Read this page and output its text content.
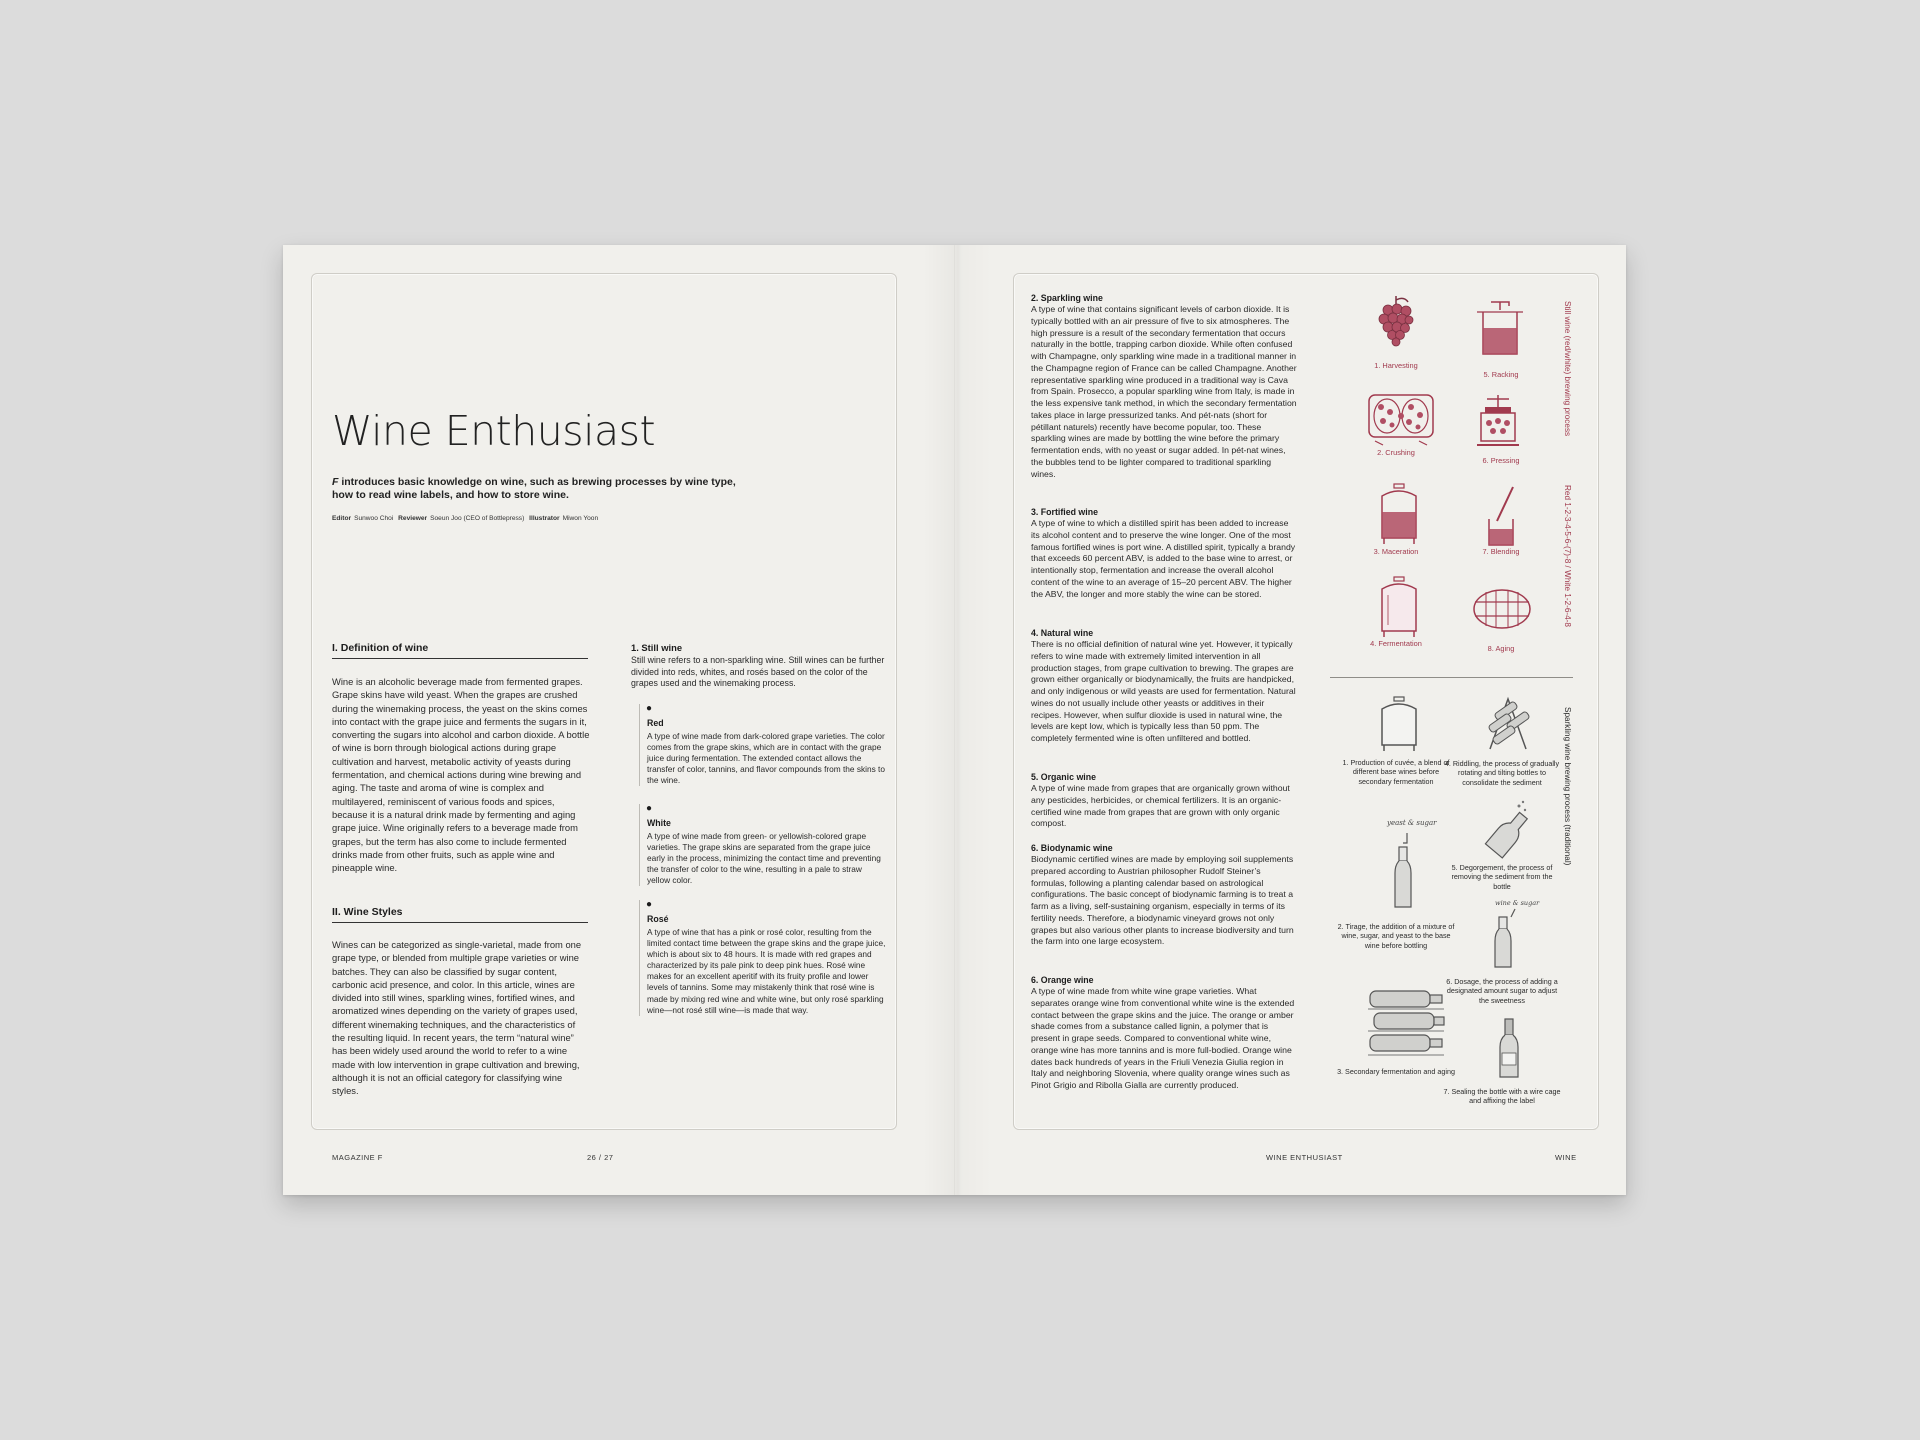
Wine Enthusiast
F introduces basic knowledge on wine, such as brewing processes by wine type, how to read wine labels, and how to store wine.
Editor Sunwoo Choi Reviewer Soeun Joo (CEO of Bottlepress) Illustrator Miwon Yoon
I. Definition of wine
Wine is an alcoholic beverage made from fermented grapes. Grape skins have wild yeast. When the grapes are crushed during the winemaking process, the yeast on the skins comes into contact with the grape juice and ferments the sugars in it, converting the sugars into alcohol and carbon dioxide. A bottle of wine is born through biological actions during grape cultivation and harvest, metabolic activity of yeasts during fermentation, and chemical actions during wine brewing and aging. The taste and aroma of wine is complex and multilayered, reminiscent of various foods and spices, because it is a natural drink made by fermenting and aging grape juice. Wine originally refers to a beverage made from grapes, but the term has also come to include fermented drinks made from other fruits, such as apple wine and pineapple wine.
II. Wine Styles
Wines can be categorized as single-varietal, made from one grape type, or blended from multiple grape varieties or wine batches. They can also be classified by sugar content, carbonic acid presence, and color. In this article, wines are divided into still wines, sparkling wines, fortified wines, and aromatized wines depending on the variety of grapes used, different winemaking techniques, and the characteristics of the resulting liquid. In recent years, the term “natural wine” has been widely used around the world to refer to a wine made with low intervention in grape cultivation and brewing, although it is not an official category for classifying wine styles.
1. Still wine
Still wine refers to a non-sparkling wine. Still wines can be further divided into reds, whites, and rosés based on the color of the grapes used and the winemaking process.
●
Red
A type of wine made from dark-colored grape varieties. The color comes from the grape skins, which are in contact with the grape juice during fermentation. The extended contact allows the transfer of color, tannins, and flavor compounds from the skins to the wine.
●
White
A type of wine made from green- or yellowish-colored grape varieties. The grape skins are separated from the grape juice early in the process, minimizing the contact time and preventing the transfer of color to the wine, resulting in a pale to straw yellow color.
●
Rosé
A type of wine that has a pink or rosé color, resulting from the limited contact time between the grape skins and the grape juice, which is about six to 48 hours. It is made with red grapes and characterized by its pale pink to deep pink hues. Rosé wine makes for an excellent aperitif with its fruity profile and lower levels of tannins. Some may mistakenly think that rosé wine is made by mixing red wine and white wine, but only rosé sparkling wine—not rosé still wine—is made that way.
MAGAZINE F	26 / 27
2. Sparkling wine
A type of wine that contains significant levels of carbon dioxide. It is typically bottled with an air pressure of five to six atmospheres. The high pressure is a result of the secondary fermentation that occurs naturally in the bottle, trapping carbon dioxide. While often confused with Champagne, only sparkling wine made in a traditional manner in the Champagne region of France can be called Champagne. Another representative sparkling wine produced in a traditional way is Cava from Spain. Prosecco, a popular sparkling wine from Italy, is made in the less expensive tank method, in which the secondary fermentation takes place in large pressurized tanks. And pét-nats (short for pétillant naturels) recently have become popular, too. These sparkling wines are made by bottling the wine before the primary fermentation ends, with no yeast or sugar added. In pét-nat wines, the bubbles tend to be lighter compared to traditional sparkling wines.
3. Fortified wine
A type of wine to which a distilled spirit has been added to increase its alcohol content and to preserve the wine longer. One of the most famous fortified wines is port wine. A distilled spirit, typically a brandy that exceeds 60 percent ABV, is added to the base wine to arrest, or intentionally stop, fermentation and increase the overall alcohol content of the wine to an average of 15–20 percent ABV. The higher the ABV, the longer and more stably the wine can be stored.
4. Natural wine
There is no official definition of natural wine yet. However, it typically refers to wine made with extremely limited intervention in all production stages, from grape cultivation to brewing. The grapes are grown either organically or biodynamically, the fruits are handpicked, and only indigenous or wild yeasts are used for fermentation. Natural wines do not usually include other yeasts or additives in their recipes. However, when sulfur dioxide is used in natural wine, the levels are kept low, which is typically less than 50 ppm. The completely fermented wine is often unfiltered and bottled.
5. Organic wine
A type of wine made from grapes that are organically grown without any pesticides, herbicides, or chemical fertilizers. It is an organic-certified wine made from grapes that are grown with only organic compost.
6. Biodynamic wine
Biodynamic certified wines are made by employing soil supplements prepared according to Austrian philosopher Rudolf Steiner’s formulas, following a planting calendar based on astrological configurations. The basic concept of biodynamic farming is to treat a farm as a living, self-sustaining organism, especially in terms of its fertility needs. Therefore, a biodynamic vineyard grows not only grapes but also various other plants to increase biodiversity and turn the farm into one large ecosystem.
6. Orange wine
A type of wine made from white wine grape varieties. What separates orange wine from conventional white wine is the extended contact between the grape skins and the juice. The orange or amber shade comes from a substance called lignin, a polymer that is present in grape seeds. Compared to conventional white wine, orange wine has more tannins and is more full-bodied. Orange wine dates back hundreds of years in the Friuli Venezia Giulia region in Italy and neighboring Slovenia, where quality orange wines such as Pinot Grigio and Ribolla Gialla are currently produced.
1. Harvesting
2. Crushing
3. Maceration
4. Fermentation
5. Racking
6. Pressing
7. Blending
8. Aging
Still wine (red/white) brewing process
Red 1-2-3-4-5-6-(7)-8 / White 1-2-6-4-8
1. Production of cuvée, a blend of different base wines before secondary fermentation
yeast & sugar
2. Tirage, the addition of a mixture of wine, sugar, and yeast to the base wine before bottling
3. Secondary fermentation and aging
4. Riddling, the process of gradually rotating and tilting bottles to consolidate the sediment
5. Degorgement, the process of removing the sediment from the bottle
wine & sugar
6. Dosage, the process of adding a designated amount sugar to adjust the sweetness
7. Sealing the bottle with a wire cage and affixing the label
Sparkling wine brewing process (traditional)
WINE ENTHUSIAST	WINE
